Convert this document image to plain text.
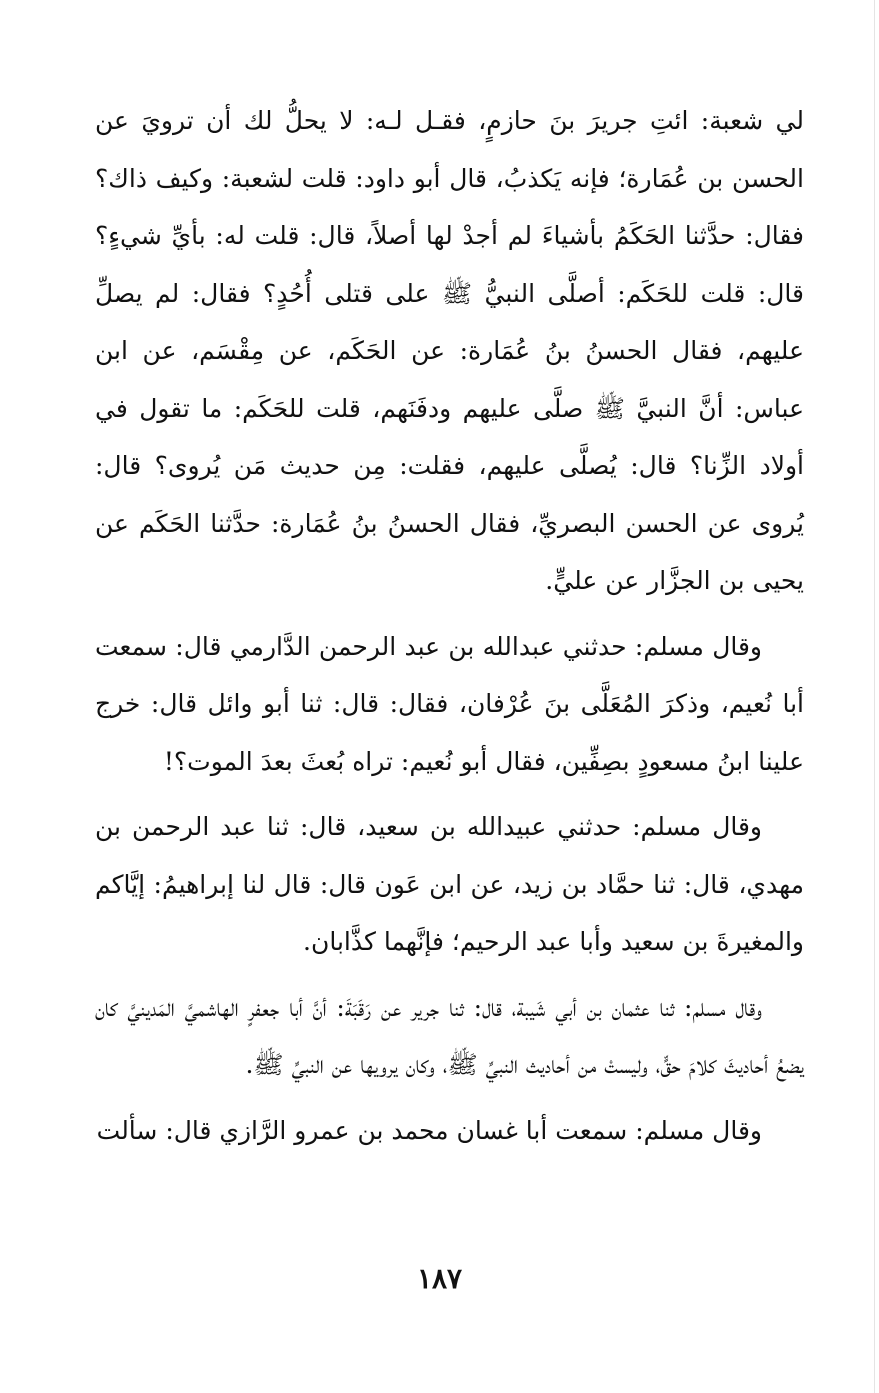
لي شعبة: ائتِ جريرَ بنَ حازمٍ، فقـل لـه: لا يحلُّ لك أن ترويَ عن الحسن بن عُمَارة؛ فإنه يَكذبُ، قال أبو داود: قلت لشعبة: وكيف ذاك؟ فقال: حدَّثنا الحَكَمُ بأشياءَ لم أجدْ لها أصلاً، قال: قلت له: بأيِّ شيءٍ؟ قال: قلت للحَكَم: أصلَّى النبيُّ ﷺ على قتلى أُحُدٍ؟ فقال: لم يصلِّ عليهم، فقال الحسنُ بنُ عُمَارة: عن الحَكَم، عن مِقْسَم، عن ابن عباس: أنَّ النبيَّ ﷺ صلَّى عليهم ودفَنَهم، قلت للحَكَم: ما تقول في أولاد الزِّنا؟ قال: يُصلَّى عليهم، فقلت: مِن حديث مَن يُروى؟ قال: يُروى عن الحسن البصريِّ، فقال الحسنُ بنُ عُمَارة: حدَّثنا الحَكَم عن يحيى بن الجزَّار عن عليٍّ.

وقال مسلم: حدثني عبدالله بن عبد الرحمن الدَّارمي قال: سمعت أبا نُعيم، وذكرَ المُعَلَّى بنَ عُرْفان، فقال: قال: ثنا أبو وائل قال: خرج علينا ابنُ مسعودٍ بصِفِّين، فقال أبو نُعيم: تراه بُعثَ بعدَ الموت؟!

وقال مسلم: حدثني عبيدالله بن سعيد، قال: ثنا عبد الرحمن بن مهدي، قال: ثنا حمَّاد بن زيد، عن ابن عَون قال: قال لنا إبراهيمُ: إيَّاكم والمغيرةَ بن سعيد وأبا عبد الرحيم؛ فإنَّهما كذَّابان.

وقال مسلم: ثنا عثمان بن أبي شَيبة، قال: ثنا جرير عن رَقَبَةَ: أنَّ أبا جعفرٍ الهاشميَّ المَدينيَّ كان يضعُ أحاديثَ كلامَ حقٍّ، وليستْ من أحاديث النبيِّ ﷺ، وكان يرويها عن النبيِّ ﷺ.

وقال مسلم: سمعت أبا غسان محمد بن عمرو الرَّازي قال: سألت

١٨٧
